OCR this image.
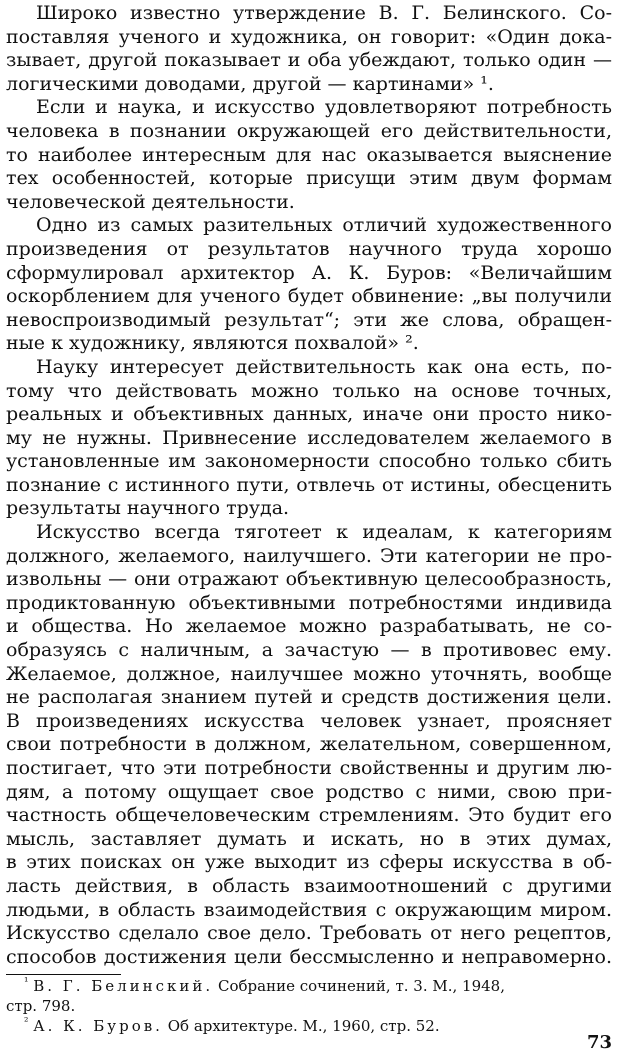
Широко известно утверждение В. Г. Белинского. Со-
поставляя ученого и художника, он говорит: «Один дока-
зывает, другой показывает и оба убеждают, только один —
логическими доводами, другой — картинами» ¹.
Если и наука, и искусство удовлетворяют потребность
человека в познании окружающей его действительности,
то наиболее интересным для нас оказывается выяснение
тех особенностей, которые присущи этим двум формам
человеческой деятельности.
Одно из самых разительных отличий художественного
произведения от результатов научного труда хорошо
сформулировал архитектор А. К. Буров: «Величайшим
оскорблением для ученого будет обвинение: „вы получили
невоспроизводимый результат“; эти же слова, обращен-
ные к художнику, являются похвалой» ².
Науку интересует действительность как она есть, по-
тому что действовать можно только на основе точных,
реальных и объективных данных, иначе они просто нико-
му не нужны. Привнесение исследователем желаемого в
установленные им закономерности способно только сбить
познание с истинного пути, отвлечь от истины, обесценить
результаты научного труда.
Искусство всегда тяготеет к идеалам, к категориям
должного, желаемого, наилучшего. Эти категории не про-
извольны — они отражают объективную целесообразность,
продиктованную объективными потребностями индивида
и общества. Но желаемое можно разрабатывать, не со-
образуясь с наличным, а зачастую — в противовес ему.
Желаемое, должное, наилучшее можно уточнять, вообще
не располагая знанием путей и средств достижения цели.
В произведениях искусства человек узнает, проясняет
свои потребности в должном, желательном, совершенном,
постигает, что эти потребности свойственны и другим лю-
дям, а потому ощущает свое родство с ними, свою при-
частность общечеловеческим стремлениям. Это будит его
мысль, заставляет думать и искать, но в этих думах,
в этих поисках он уже выходит из сферы искусства в об-
ласть действия, в область взаимоотношений с другими
людьми, в область взаимодействия с окружающим миром.
Искусство сделало свое дело. Требовать от него рецептов,
способов достижения цели бессмысленно и неправомерно.
$^{^1}$ В. Г. Белинский. Собрание сочинений, т. 3. М., 1948,
стр. 798.
$^{^2}$ А. К. Буров. Об архитектуре. М., 1960, стр. 52.
73
